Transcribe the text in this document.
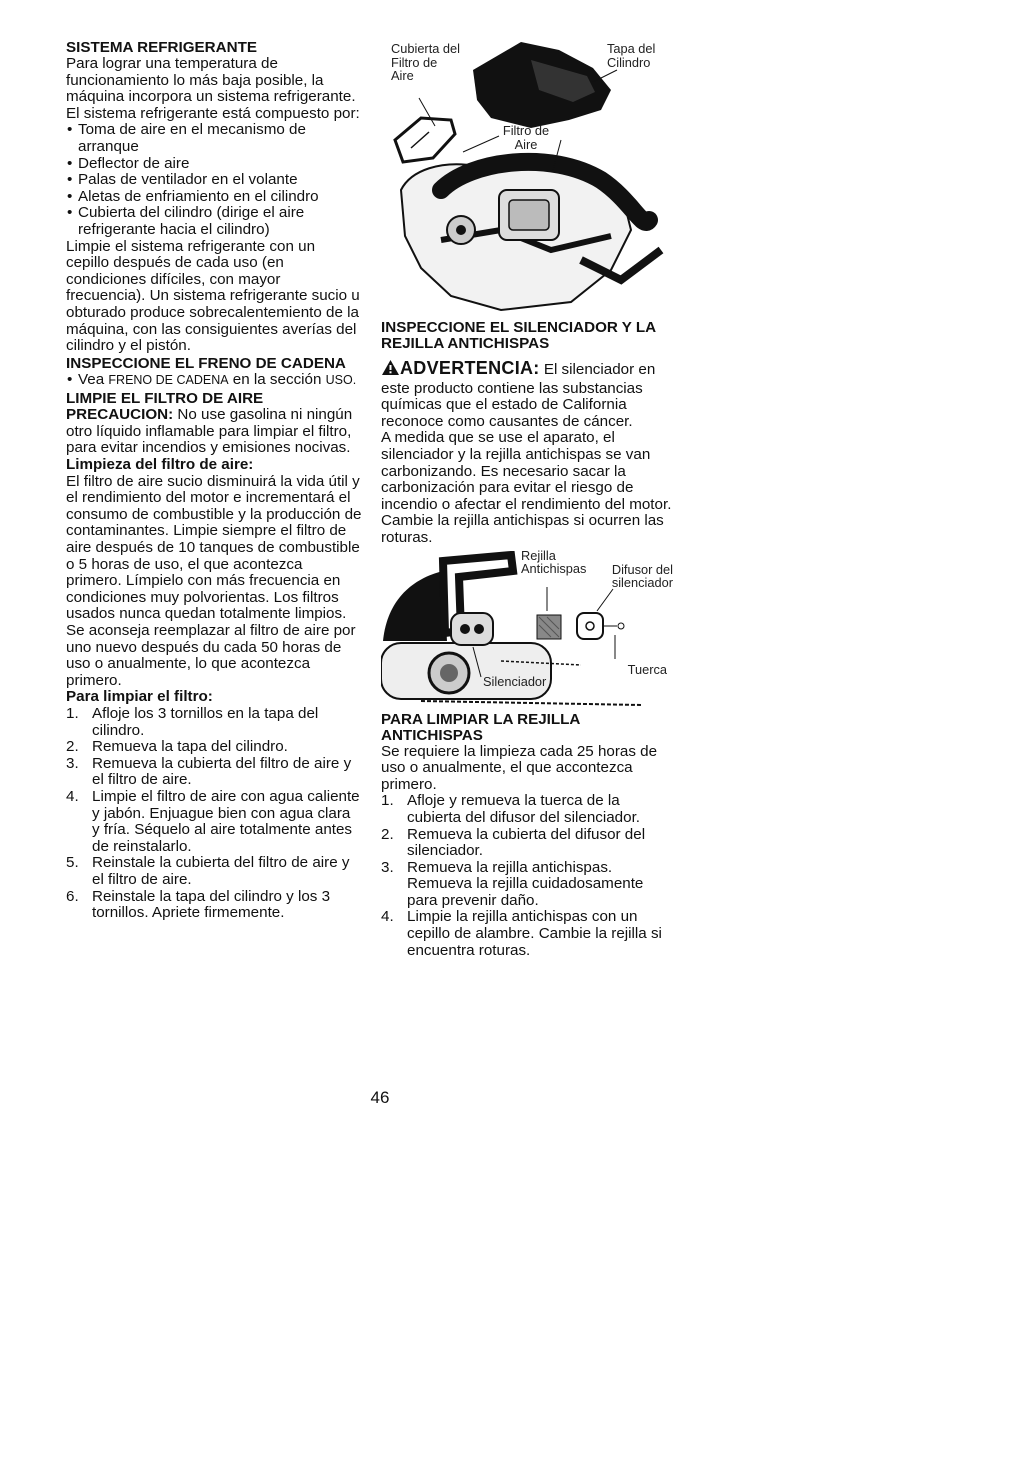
SISTEMA REFRIGERANTE

Para lograr una temperatura de funcionamiento lo más baja posible, la máquina incorpora un sistema refrigerante.

El sistema refrigerante está compuesto por:

• Toma de aire en el mecanismo de arranque
• Deflector de aire
• Palas de ventilador en el volante
• Aletas de enfriamiento en el cilindro
• Cubierta del cilindro (dirige el aire refrigerante hacia el cilindro)

Limpie el sistema refrigerante con un cepillo después de cada uso (en condiciones difíciles, con mayor frecuencia). Un sistema refrigerante sucio u obturado produce sobrecalentemiento de la máquina, con las consiguientes averías del cilindro y el pistón.

INSPECCIONE EL FRENO DE CADENA
• Vea FRENO DE CADENA en la sección USO.
LIMPIE EL FILTRO DE AIRE

PRECAUCION: No use gasolina ni ningún otro líquido inflamable para limpiar el filtro, para evitar incendios y emisiones nocivas.

Limpieza del filtro de aire:

El filtro de aire sucio disminuirá la vida útil y el rendimiento del motor e incrementará el consumo de combustible y la producción de contaminantes. Limpie siempre el filtro de aire después de 10 tanques de combustible o 5 horas de uso, el que acontezca primero. Límpielo con más frecuencia en condiciones muy polvorientas. Los filtros usados nunca quedan totalmente limpios. Se aconseja reemplazar al filtro de aire por uno nuevo después du cada 50 horas de uso o anualmente, lo que acontezca primero.

Para limpiar el filtro:

1. Afloje los 3 tornillos en la tapa del cilindro.
2. Remueva la tapa del cilindro.
3. Remueva la cubierta del filtro de aire y el filtro de aire.
4. Limpie el filtro de aire con agua caliente y jabón. Enjuague bien con agua clara y fría. Séquelo al aire totalmente antes de reinstalarlo.
5. Reinstale la cubierta del filtro de aire y el filtro de aire.
6. Reinstale la tapa del cilindro y los 3 tornillos. Apriete firmemente.
Cubierta del Filtro de Aire
Tapa del Cilindro
Filtro de Aire
INSPECCIONE EL SILENCIADOR Y LA REJILLA ANTICHISPAS

ADVERTENCIA: El silenciador en este producto contiene las substancias químicas que el estado de California reconoce como causantes de cáncer.

A medida que se use el aparato, el silenciador y la rejilla antichispas se van carbonizando. Es necesario sacar la carbonización para evitar el riesgo de incendio o afectar el rendimiento del motor.

Cambie la rejilla antichispas si ocurren las roturas.

Rejilla Antichispas	Difusor del silenciador
Tuerca
Silenciador
PARA LIMPIAR LA REJILLA ANTICHISPAS

Se requiere la limpieza cada 25 horas de uso o anualmente, el que accontezca primero.

1. Afloje y remueva la tuerca de la cubierta del difusor del silenciador.
2. Remueva la cubierta del difusor del silenciador.
3. Remueva la rejilla antichispas. Remueva la rejilla cuidadosamente para prevenir daño.
4. Limpie la rejilla antichispas con un cepillo de alambre. Cambie la rejilla si encuentra roturas.
46
